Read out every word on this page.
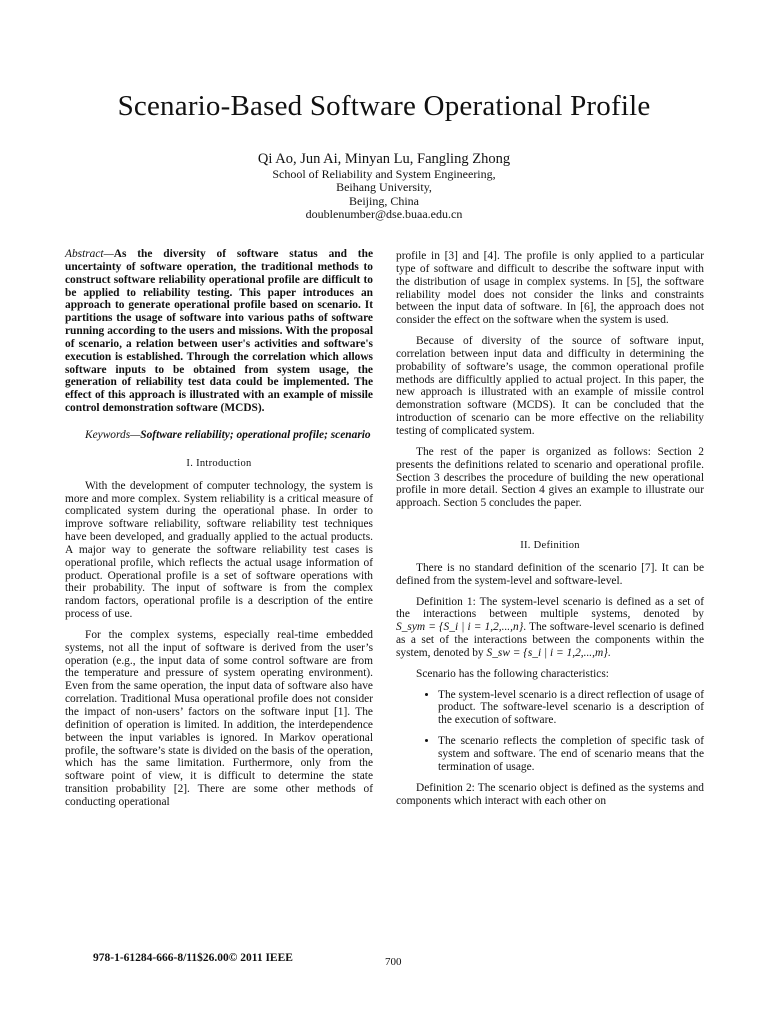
Scenario-Based Software Operational Profile
Qi Ao, Jun Ai, Minyan Lu, Fangling Zhong
School of Reliability and System Engineering,
Beihang University,
Beijing, China
doublenumber@dse.buaa.edu.cn

Abstract—As the diversity of software status and the uncertainty of software operation, the traditional methods to construct software reliability operational profile are difficult to be applied to reliability testing. This paper introduces an approach to generate operational profile based on scenario. It partitions the usage of software into various paths of software running according to the users and missions. With the proposal of scenario, a relation between user's activities and software's execution is established. Through the correlation which allows software inputs to be obtained from system usage, the generation of reliability test data could be implemented. The effect of this approach is illustrated with an example of missile control demonstration software (MCDS).

Keywords—Software reliability; operational profile; scenario

I. Introduction

With the development of computer technology, the system is more and more complex. System reliability is a critical measure of complicated system during the operational phase. In order to improve software reliability, software reliability test techniques have been developed, and gradually applied to the actual products. A major way to generate the software reliability test cases is operational profile, which reflects the actual usage information of product. Operational profile is a set of software operations with their probability. The input of software is from the complex random factors, operational profile is a description of the entire process of use.

For the complex systems, especially real-time embedded systems, not all the input of software is derived from the user’s operation (e.g., the input data of some control software are from the temperature and pressure of system operating environment). Even from the same operation, the input data of software also have correlation. Traditional Musa operational profile does not consider the impact of non-users’ factors on the software input [1]. The definition of operation is limited. In addition, the interdependence between the input variables is ignored. In Markov operational profile, the software’s state is divided on the basis of the operation, which has the same limitation. Furthermore, only from the software point of view, it is difficult to determine the state transition probability [2]. There are some other methods of conducting operational

profile in [3] and [4]. The profile is only applied to a particular type of software and difficult to describe the software input with the distribution of usage in complex systems. In [5], the software reliability model does not consider the links and constraints between the input data of software. In [6], the approach does not consider the effect on the software when the system is used.

Because of diversity of the source of software input, correlation between input data and difficulty in determining the probability of software’s usage, the common operational profile methods are difficultly applied to actual project. In this paper, the new approach is illustrated with an example of missile control demonstration software (MCDS). It can be concluded that the introduction of scenario can be more effective on the reliability testing of complicated system.

The rest of the paper is organized as follows: Section 2 presents the definitions related to scenario and operational profile. Section 3 describes the procedure of building the new operational profile in more detail. Section 4 gives an example to illustrate our approach. Section 5 concludes the paper.

II. Definition

There is no standard definition of the scenario [7]. It can be defined from the system-level and software-level.

Definition 1: The system-level scenario is defined as a set of the interactions between multiple systems, denoted by S_sym = {S_i | i = 1,2,...,n}. The software-level scenario is defined as a set of the interactions between the components within the system, denoted by S_sw = {s_i | i = 1,2,...,m}.

Scenario has the following characteristics:

• The system-level scenario is a direct reflection of usage of product. The software-level scenario is a description of the execution of software.
• The scenario reflects the completion of specific task of system and software. The end of scenario means that the termination of usage.

Definition 2: The scenario object is defined as the systems and components which interact with each other on

978-1-61284-666-8/11$26.00© 2011 IEEE	700
